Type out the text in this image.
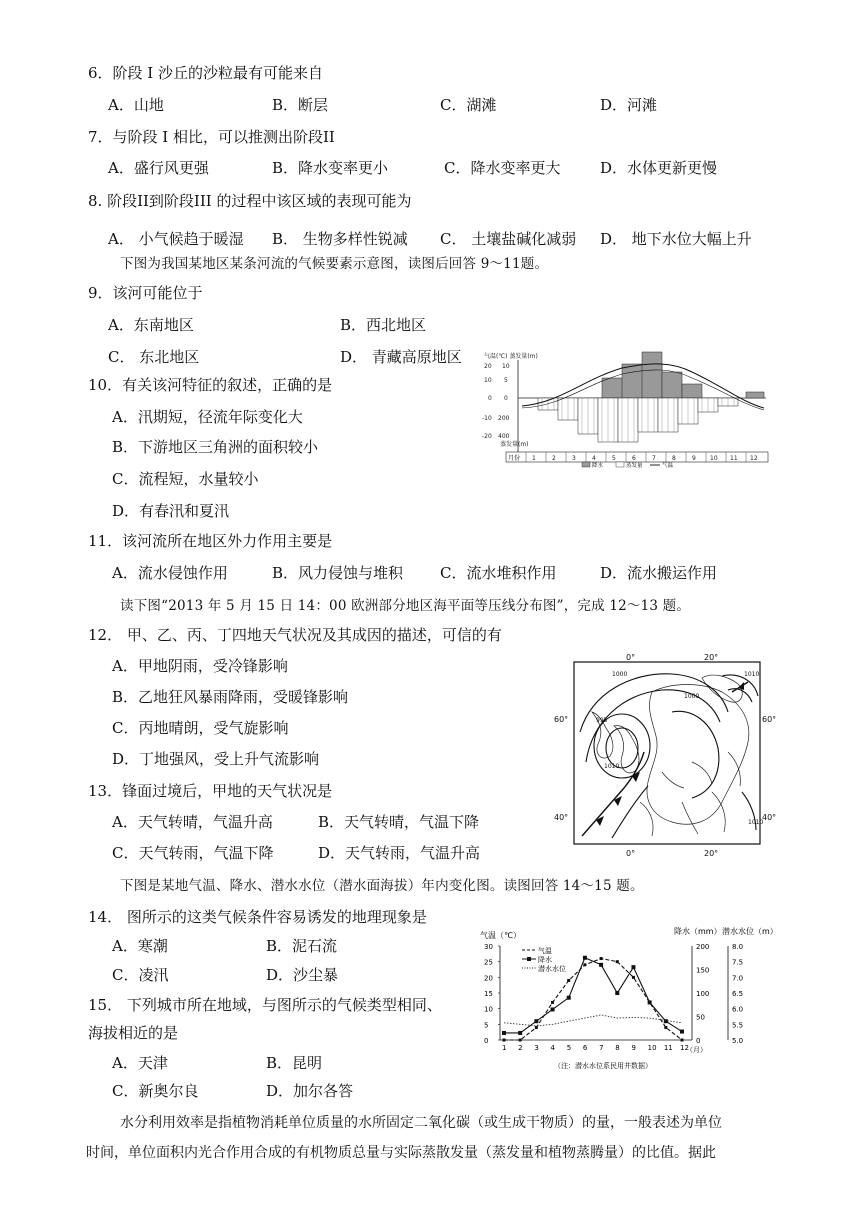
6．阶段 I 沙丘的沙粒最有可能来自
A．山地	B．断层	C．湖滩	D．河滩
7．与阶段 I 相比，可以推测出阶段II
A．盛行风更强	B．降水变率更小	C．降水变率更大	D．水体更新更慢
8. 阶段II到阶段III 的过程中该区域的表现可能为
A． 小气候趋于暖湿 B． 生物多样性锐减 C． 土壤盐碱化减弱 D． 地下水位大幅上升
下图为我国某地区某条河流的气候要素示意图，读图后回答 9～11题。
9．该河可能位于
A．东南地区	B．西北地区
C． 东北地区	D． 青藏高原地区
10．有关该河特征的叙述，正确的是
A．汛期短，径流年际变化大
B．下游地区三角洲的面积较小
C．流程短，水量较小
D．有春汛和夏汛
气温(℃) 蒸发量(m)
20
10
0
-10
-20
10
5
0
200
400
蒸发量(m)
月份 1	2	3	4	5	6	7	8	9 10 11 12
降水	蒸发量	气温
11．该河流所在地区外力作用主要是
A．流水侵蚀作用	B．风力侵蚀与堆积 C．流水堆积作用	D．流水搬运作用
读下图“2013 年 5 月 15 日 14：00 欧洲部分地区海平面等压线分布图”，完成 12～13 题。
12． 甲、乙、丙、丁四地天气状况及其成因的描述，可信的有
A．甲地阴雨，受冷锋影响
B．乙地狂风暴雨降雨，受暖锋影响
C．丙地晴朗，受气旋影响
D．丁地强风，受上升气流影响
60°	60°
40°	40°
0°	20°
0°	20°
1000	1010
995
1000
1010
1010
13．锋面过境后，甲地的天气状况是
A．天气转晴，气温升高	B．天气转晴，气温下降
C．天气转雨，气温下降	D．天气转雨，气温升高
下图是某地气温、降水、潜水水位（潜水面海拔）年内变化图。读图回答 14～15 题。
14． 图所示的这类气候条件容易诱发的地理现象是
A．寒潮	B．泥石流
C．凌汛	D．沙尘暴
15． 下列城市所在地域，与图所示的气候类型相同、
海拔相近的是
A．天津	B．昆明
C．新奥尔良	D．加尔各答
气温（℃）	降水（mm） 潜水水位（m）
30
25
20
15
10
5
0
200
150
100
50
0
8.0
7.5
7.0
6.5
6.0
5.5
5.0
1 2 3 4 5 6 7 8 9 10 11 12
气温
降水
潜水水位
（月）
（注：潜水水位系民用井数据）
水分利用效率是指植物消耗单位质量的水所固定二氧化碳（或生成干物质）的量，一般表述为单位
时间，单位面积内光合作用合成的有机物质总量与实际蒸散发量（蒸发量和植物蒸腾量）的比值。据此
